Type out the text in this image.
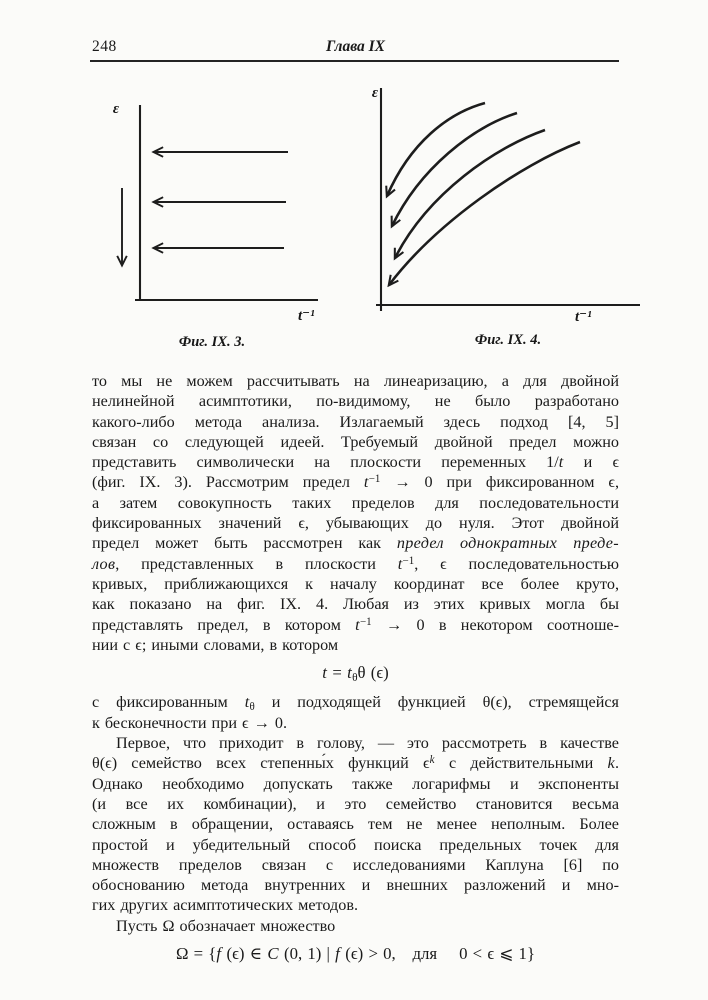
248	Глава IX
ε
t⁻¹
Фиг. IX. 3.
ε
t⁻¹
Фиг. IX. 4.
то мы не можем рассчитывать на линеаризацию, а для двойной
нелинейной асимптотики, по-видимому, не было разработано
какого-либо метода анализа. Излагаемый здесь подход [4, 5]
связан со следующей идеей. Требуемый двойной предел можно
представить символически на плоскости переменных 1/t и ϵ
(фиг. IX. 3). Рассмотрим предел $t^{-1} \to 0$ при фиксированном ϵ,
а затем совокупность таких пределов для последовательности
фиксированных значений ϵ, убывающих до нуля. Этот двойной
предел может быть рассмотрен как предел однократных преде-
лов, представленных в плоскости $t^{-1}$, ϵ последовательностью
кривых, приближающихся к началу координат все более круто,
как показано на фиг. IX. 4. Любая из этих кривых могла бы
представлять предел, в котором $t^{-1} \to 0$ в некотором соотноше-
нии с ϵ; иными словами, в котором
$t = t_\theta\theta$ (ϵ)
с фиксированным $t_\theta$ и подходящей функцией θ(ϵ), стремящейся
к бесконечности при ϵ → 0.
Первое, что приходит в голову, — это рассмотреть в качестве
θ(ϵ) семейство всех степенны́х функций $\epsilon^k$ с действительными k.
Однако необходимо допускать также логарифмы и экспоненты
(и все их комбинации), и это семейство становится весьма
сложным в обращении, оставаясь тем не менее неполным. Более
простой и убедительный способ поиска предельных точек для
множеств пределов связан с исследованиями Каплуна [6] по
обоснованию метода внутренних и внешних разложений и мно-
гих других асимптотических методов.
Пусть Ω обозначает множество
Ω = {f (ϵ) ∈ C (0, 1) | f (ϵ) > 0, для  0 < ϵ ⩽ 1}
